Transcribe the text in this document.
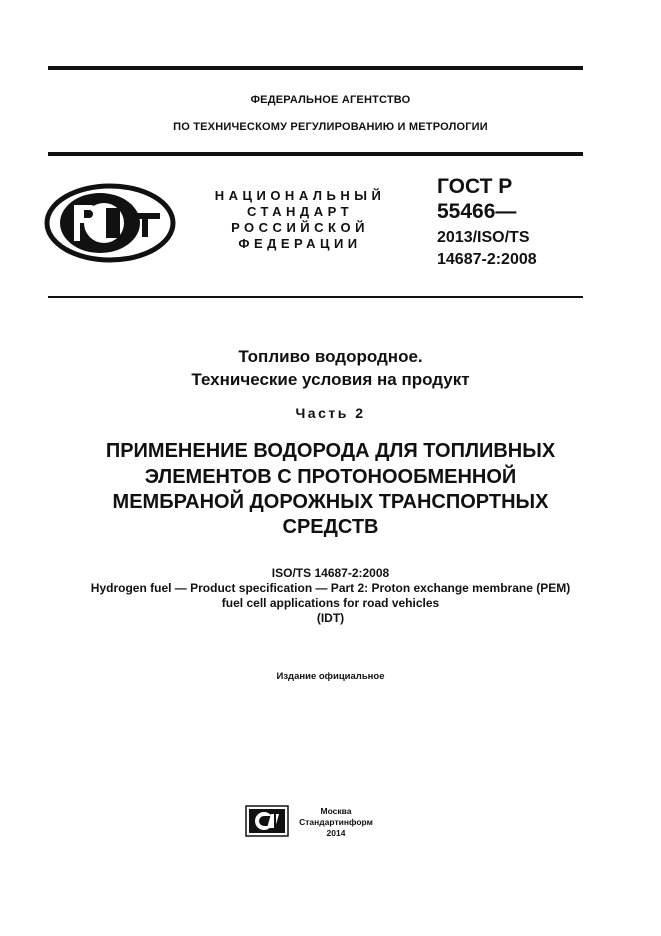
ФЕДЕРАЛЬНОЕ АГЕНТСТВО
ПО ТЕХНИЧЕСКОМУ РЕГУЛИРОВАНИЮ И МЕТРОЛОГИИ
НАЦИОНАЛЬНЫЙ
СТАНДАРТ
РОССИЙСКОЙ
ФЕДЕРАЦИИ
ГОСТ Р
55466—
2013/ISO/TS
14687-2:2008
Топливо водородное.
Технические условия на продукт
Часть 2
ПРИМЕНЕНИЕ ВОДОРОДА ДЛЯ ТОПЛИВНЫХ
ЭЛЕМЕНТОВ С ПРОТОНООБМЕННОЙ
МЕМБРАНОЙ ДОРОЖНЫХ ТРАНСПОРТНЫХ
СРЕДСТВ
ISO/TS 14687-2:2008
Hydrogen fuel — Product specification — Part 2: Proton exchange membrane (PEM)
fuel cell applications for road vehicles
(IDT)
Издание официальное
Москва
Стандартинформ
2014
